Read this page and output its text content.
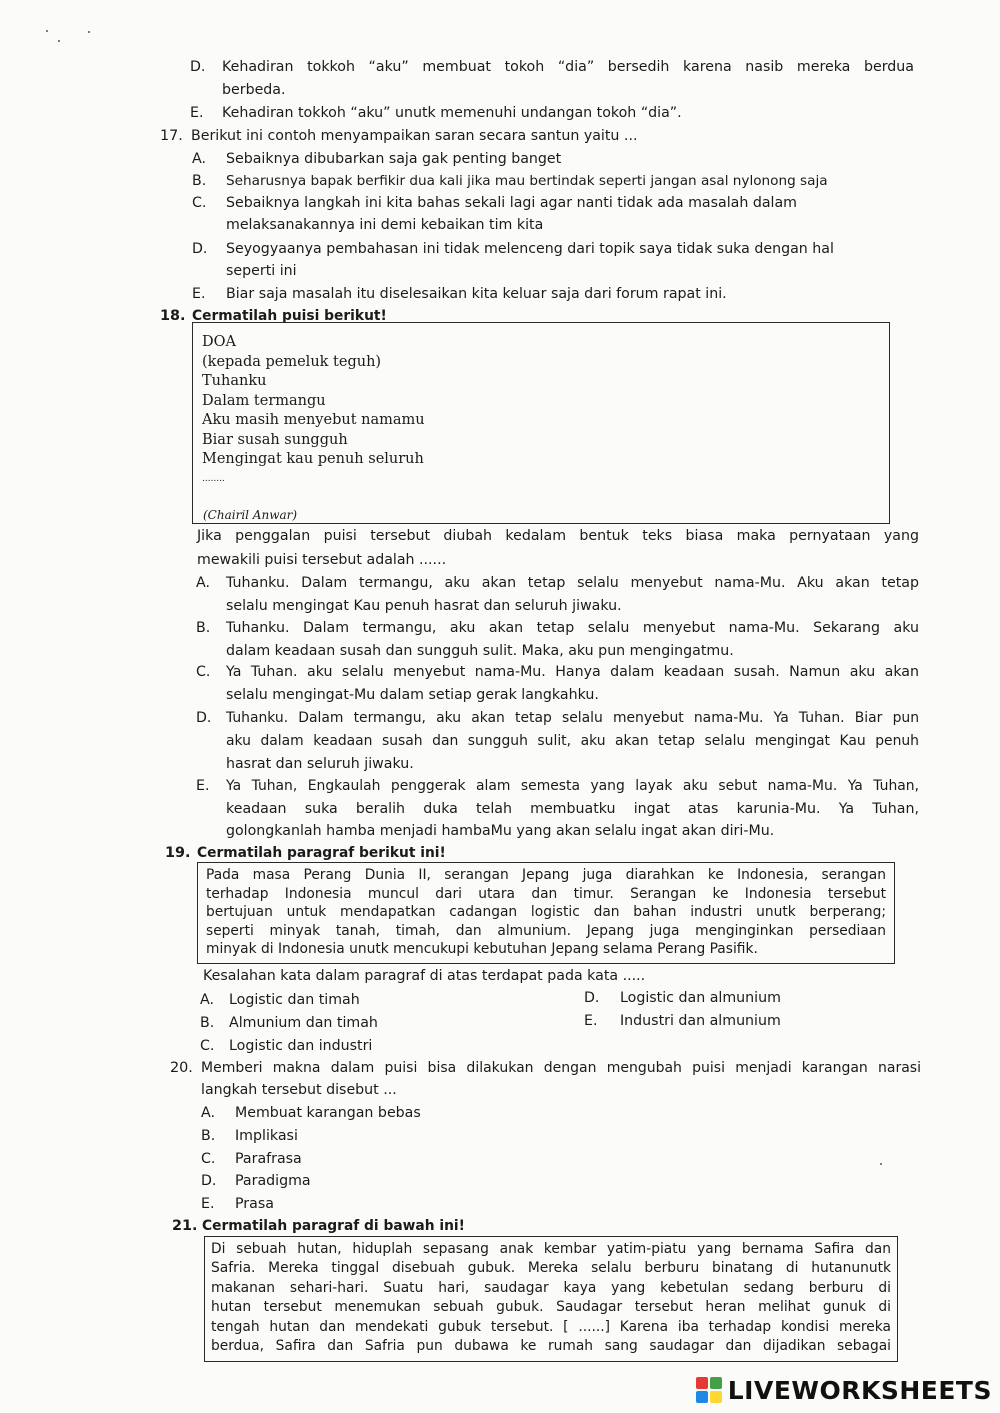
D. Kehadiran tokkoh “aku” membuat tokoh “dia” bersedih karena nasib mereka berdua
berbeda.
E. Kehadiran tokkoh “aku” unutk memenuhi undangan tokoh “dia”.
17. Berikut ini contoh menyampaikan saran secara santun yaitu ...
A. Sebaiknya dibubarkan saja gak penting banget
B. Seharusnya bapak berfikir dua kali jika mau bertindak seperti jangan asal nylonong saja
C. Sebaiknya langkah ini kita bahas sekali lagi agar nanti tidak ada masalah dalam
melaksanakannya ini demi kebaikan tim kita
D. Seyogyaanya pembahasan ini tidak melenceng dari topik saya tidak suka dengan hal
seperti ini
E. Biar saja masalah itu diselesaikan kita keluar saja dari forum rapat ini.
18. Cermatilah puisi berikut!
DOA
(kepada pemeluk teguh)
Tuhanku
Dalam termangu
Aku masih menyebut namamu
Biar susah sungguh
Mengingat kau penuh seluruh
........
(Chairil Anwar)
Jika penggalan puisi tersebut diubah kedalam bentuk teks biasa maka pernyataan yang
mewakili puisi tersebut adalah ......
A. Tuhanku. Dalam termangu, aku akan tetap selalu menyebut nama-Mu. Aku akan tetap
selalu mengingat Kau penuh hasrat dan seluruh jiwaku.
B. Tuhanku. Dalam termangu, aku akan tetap selalu menyebut nama-Mu. Sekarang aku
dalam keadaan susah dan sungguh sulit. Maka, aku pun mengingatmu.
C. Ya Tuhan. aku selalu menyebut nama-Mu. Hanya dalam keadaan susah. Namun aku akan
selalu mengingat-Mu dalam setiap gerak langkahku.
D. Tuhanku. Dalam termangu, aku akan tetap selalu menyebut nama-Mu. Ya Tuhan. Biar pun
aku dalam keadaan susah dan sungguh sulit, aku akan tetap selalu mengingat Kau penuh
hasrat dan seluruh jiwaku.
E. Ya Tuhan, Engkaulah penggerak alam semesta yang layak aku sebut nama-Mu. Ya Tuhan,
keadaan suka beralih duka telah membuatku ingat atas karunia-Mu. Ya Tuhan,
golongkanlah hamba menjadi hambaMu yang akan selalu ingat akan diri-Mu.
19. Cermatilah paragraf berikut ini!
Pada masa Perang Dunia II, serangan Jepang juga diarahkan ke Indonesia, serangan
terhadap Indonesia muncul dari utara dan timur. Serangan ke Indonesia tersebut
bertujuan untuk mendapatkan cadangan logistic dan bahan industri unutk berperang;
seperti minyak tanah, timah, dan almunium. Jepang juga menginginkan persediaan
minyak di Indonesia unutk mencukupi kebutuhan Jepang selama Perang Pasifik.
Kesalahan kata dalam paragraf di atas terdapat pada kata .....
A. Logistic dan timah
B. Almunium dan timah
C. Logistic dan industri
D. Logistic dan almunium
E. Industri dan almunium
20. Memberi makna dalam puisi bisa dilakukan dengan mengubah puisi menjadi karangan narasi
langkah tersebut disebut ...
A. Membuat karangan bebas
B. Implikasi
C. Parafrasa
D. Paradigma
E. Prasa
21. Cermatilah paragraf di bawah ini!
Di sebuah hutan, hiduplah sepasang anak kembar yatim-piatu yang bernama Safira dan
Safria. Mereka tinggal disebuah gubuk. Mereka selalu berburu binatang di hutanunutk
makanan sehari-hari. Suatu hari, saudagar kaya yang kebetulan sedang berburu di
hutan tersebut menemukan sebuah gubuk. Saudagar tersebut heran melihat gunuk di
tengah hutan dan mendekati gubuk tersebut. [ ......] Karena iba terhadap kondisi mereka
berdua, Safira dan Safria pun dubawa ke rumah sang saudagar dan dijadikan sebagai
LIVEWORKSHEETS
